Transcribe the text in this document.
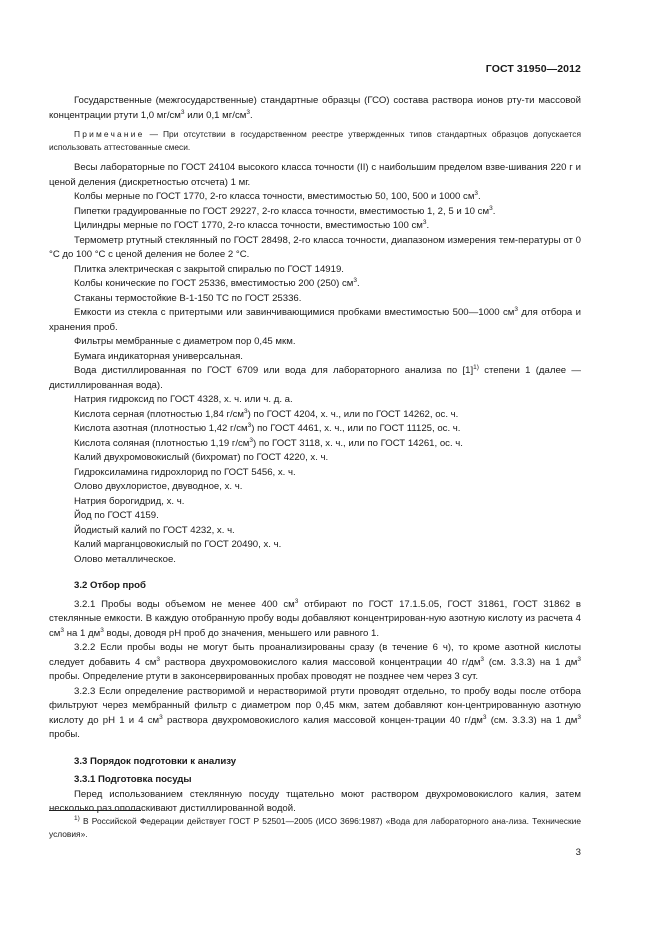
ГОСТ 31950—2012

Государственные (межгосударственные) стандартные образцы (ГСО) состава раствора ионов рту-ти массовой концентрации ртути 1,0 $мг/см^3$ или 0,1 $мг/см^3$.

Примечание — При отсутствии в государственном реестре утвержденных типов стандартных образцов допускается использовать аттестованные смеси.

Весы лабораторные по ГОСТ 24104 высокого класса точности (II) с наибольшим пределом взве-шивания 220 г и ценой деления (дискретностью отсчета) 1 мг.

Колбы мерные по ГОСТ 1770, 2-го класса точности, вместимостью 50, 100, 500 и 1000 $см^3$.

Пипетки градуированные по ГОСТ 29227, 2-го класса точности, вместимостью 1, 2, 5 и 10 $см^3$.

Цилиндры мерные по ГОСТ 1770, 2-го класса точности, вместимостью 100 $см^3$.

Термометр ртутный стеклянный по ГОСТ 28498, 2-го класса точности, диапазоном измерения тем-пературы от 0 °С до 100 °С с ценой деления не более 2 °С.

Плитка электрическая с закрытой спиралью по ГОСТ 14919.

Колбы конические по ГОСТ 25336, вместимостью 200 (250) $см^3$.

Стаканы термостойкие В-1-150 ТС по ГОСТ 25336.

Емкости из стекла с притертыми или завинчивающимися пробками вместимостью 500—1000 $см^3$ для отбора и хранения проб.

Фильтры мембранные с диаметром пор 0,45 мкм.

Бумага индикаторная универсальная.

Вода дистиллированная по ГОСТ 6709 или вода для лабораторного анализа по $[1]^{1)}$ степени 1 (далее — дистиллированная вода).

Натрия гидроксид по ГОСТ 4328, х. ч. или ч. д. а.

Кислота серная (плотностью 1,84 $г/см^3$) по ГОСТ 4204, х. ч., или по ГОСТ 14262, ос. ч.

Кислота азотная (плотностью 1,42 $г/см^3$) по ГОСТ 4461, х. ч., или по ГОСТ 11125, ос. ч.

Кислота соляная (плотностью 1,19 $г/см^3$) по ГОСТ 3118, х. ч., или по ГОСТ 14261, ос. ч.

Калий двухромовокислый (бихромат) по ГОСТ 4220, х. ч.

Гидроксиламина гидрохлорид по ГОСТ 5456, х. ч.

Олово двухлористое, двуводное, х. ч.

Натрия борогидрид, х. ч.

Йод по ГОСТ 4159.

Йодистый калий по ГОСТ 4232, х. ч.

Калий марганцовокислый по ГОСТ 20490, х. ч.

Олово металлическое.

3.2 Отбор проб

3.2.1 Пробы воды объемом не менее 400 $см^3$ отбирают по ГОСТ 17.1.5.05, ГОСТ 31861, ГОСТ 31862 в стеклянные емкости. В каждую отобранную пробу воды добавляют концентрирован-ную азотную кислоту из расчета 4 $см^3$ на 1 $дм^3$ воды, доводя рН проб до значения, меньшего или равного 1.

3.2.2 Если пробы воды не могут быть проанализированы сразу (в течение 6 ч), то кроме азотной кислоты следует добавить 4 $см^3$ раствора двухромовокислого калия массовой концентрации 40 $г/дм^3$ (см. 3.3.3) на 1 $дм^3$ пробы. Определение ртути в законсервированных пробах проводят не позднее чем через 3 сут.

3.2.3 Если определение растворимой и нерастворимой ртути проводят отдельно, то пробу воды после отбора фильтруют через мембранный фильтр с диаметром пор 0,45 мкм, затем добавляют кон-центрированную азотную кислоту до рН 1 и 4 $см^3$ раствора двухромовокислого калия массовой концен-трации 40 $г/дм^3$ (см. 3.3.3) на 1 $дм^3$ пробы.

3.3 Порядок подготовки к анализу

3.3.1 Подготовка посуды

Перед использованием стеклянную посуду тщательно моют раствором двухромовокислого калия, затем несколько раз ополаскивают дистиллированной водой.

$^{1)}$ В Российской Федерации действует ГОСТ Р 52501—2005 (ИСО 3696:1987) «Вода для лабораторного ана-лиза. Технические условия».

3
